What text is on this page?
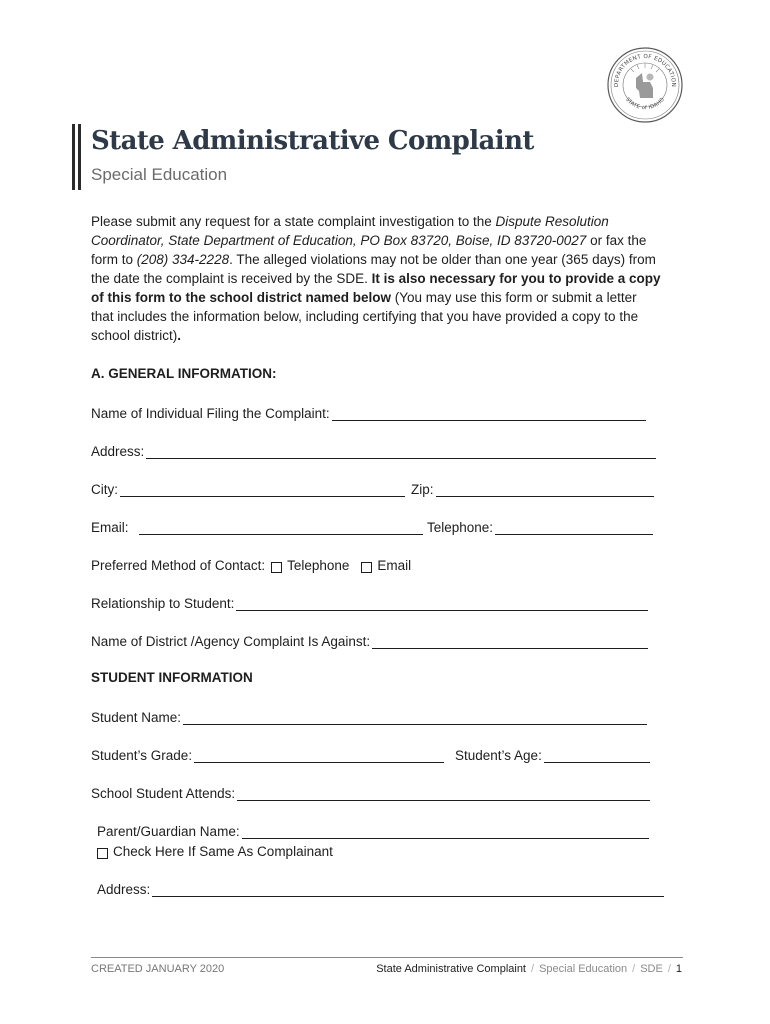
DEPARTMENT OF EDUCATION
STATE of IDAHO
State Administrative Complaint
Special Education

Please submit any request for a state complaint investigation to the Dispute Resolution Coordinator, State Department of Education, PO Box 83720, Boise, ID 83720-0027 or fax the form to (208) 334-2228. The alleged violations may not be older than one year (365 days) from the date the complaint is received by the SDE. It is also necessary for you to provide a copy of this form to the school district named below (You may use this form or submit a letter that includes the information below, including certifying that you have provided a copy to the school district).

A. GENERAL INFORMATION:
Name of Individual Filing the Complaint:
Address:
City:	Zip:
Email:	Telephone:
Preferred Method of Contact: Telephone Email
Relationship to Student:
Name of District /Agency Complaint Is Against:
STUDENT INFORMATION
Student Name:
Student’s Grade:	Student’s Age:
School Student Attends:
Parent/Guardian Name:
Check Here If Same As Complainant
Address:
CREATED JANUARY 2020	State Administrative Complaint / Special Education / SDE / 1
